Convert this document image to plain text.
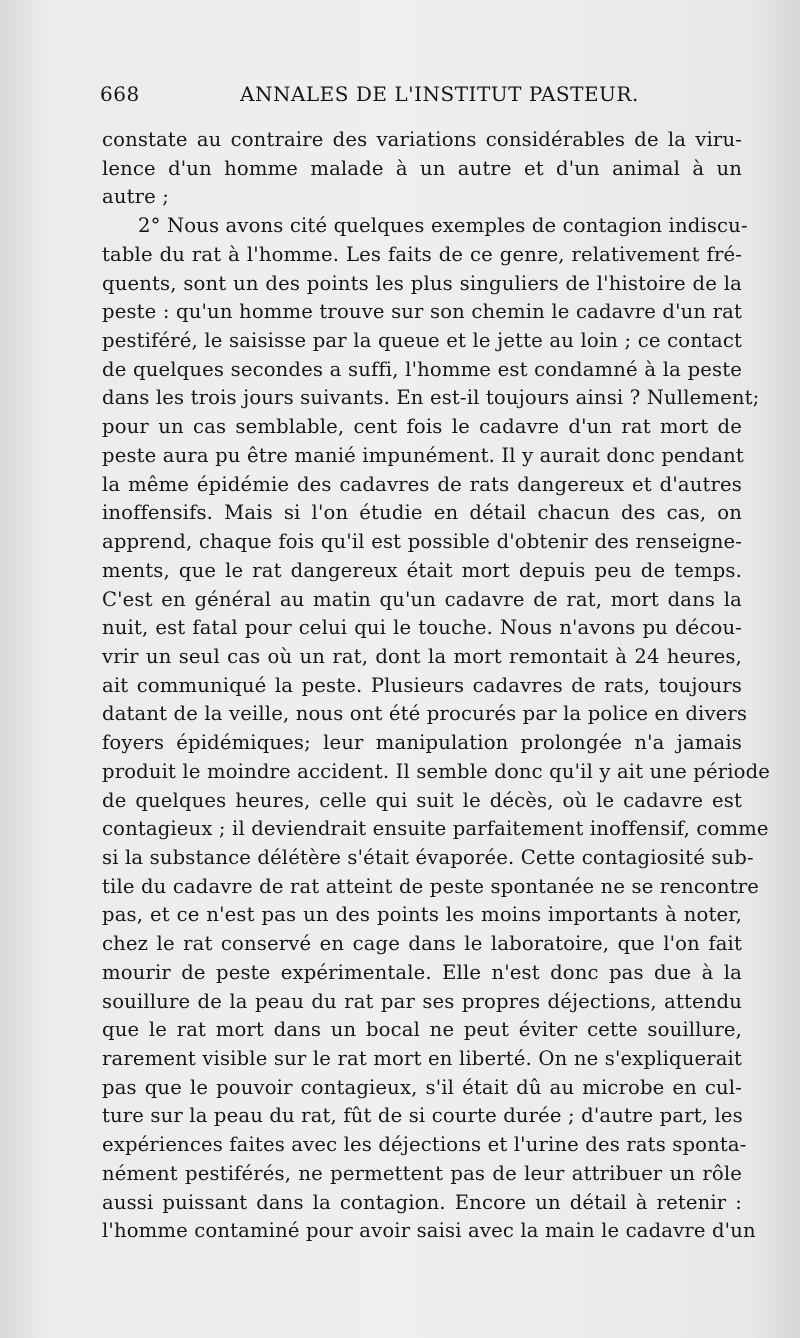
668	ANNALES DE L'INSTITUT PASTEUR.
constate au contraire des variations considérables de la viru-
lence d'un homme malade à un autre et d'un animal à un
autre ;
2° Nous avons cité quelques exemples de contagion indiscu-
table du rat à l'homme. Les faits de ce genre, relativement fré-
quents, sont un des points les plus singuliers de l'histoire de la
peste : qu'un homme trouve sur son chemin le cadavre d'un rat
pestiféré, le saisisse par la queue et le jette au loin ; ce contact
de quelques secondes a suffi, l'homme est condamné à la peste
dans les trois jours suivants. En est-il toujours ainsi ? Nullement;
pour un cas semblable, cent fois le cadavre d'un rat mort de
peste aura pu être manié impunément. Il y aurait donc pendant
la même épidémie des cadavres de rats dangereux et d'autres
inoffensifs. Mais si l'on étudie en détail chacun des cas, on
apprend, chaque fois qu'il est possible d'obtenir des renseigne-
ments, que le rat dangereux était mort depuis peu de temps.
C'est en général au matin qu'un cadavre de rat, mort dans la
nuit, est fatal pour celui qui le touche. Nous n'avons pu décou-
vrir un seul cas où un rat, dont la mort remontait à 24 heures,
ait communiqué la peste. Plusieurs cadavres de rats, toujours
datant de la veille, nous ont été procurés par la police en divers
foyers épidémiques; leur manipulation prolongée n'a jamais
produit le moindre accident. Il semble donc qu'il y ait une période
de quelques heures, celle qui suit le décès, où le cadavre est
contagieux ; il deviendrait ensuite parfaitement inoffensif, comme
si la substance délétère s'était évaporée. Cette contagiosité sub-
tile du cadavre de rat atteint de peste spontanée ne se rencontre
pas, et ce n'est pas un des points les moins importants à noter,
chez le rat conservé en cage dans le laboratoire, que l'on fait
mourir de peste expérimentale. Elle n'est donc pas due à la
souillure de la peau du rat par ses propres déjections, attendu
que le rat mort dans un bocal ne peut éviter cette souillure,
rarement visible sur le rat mort en liberté. On ne s'expliquerait
pas que le pouvoir contagieux, s'il était dû au microbe en cul-
ture sur la peau du rat, fût de si courte durée ; d'autre part, les
expériences faites avec les déjections et l'urine des rats sponta-
nément pestiférés, ne permettent pas de leur attribuer un rôle
aussi puissant dans la contagion. Encore un détail à retenir :
l'homme contaminé pour avoir saisi avec la main le cadavre d'un
